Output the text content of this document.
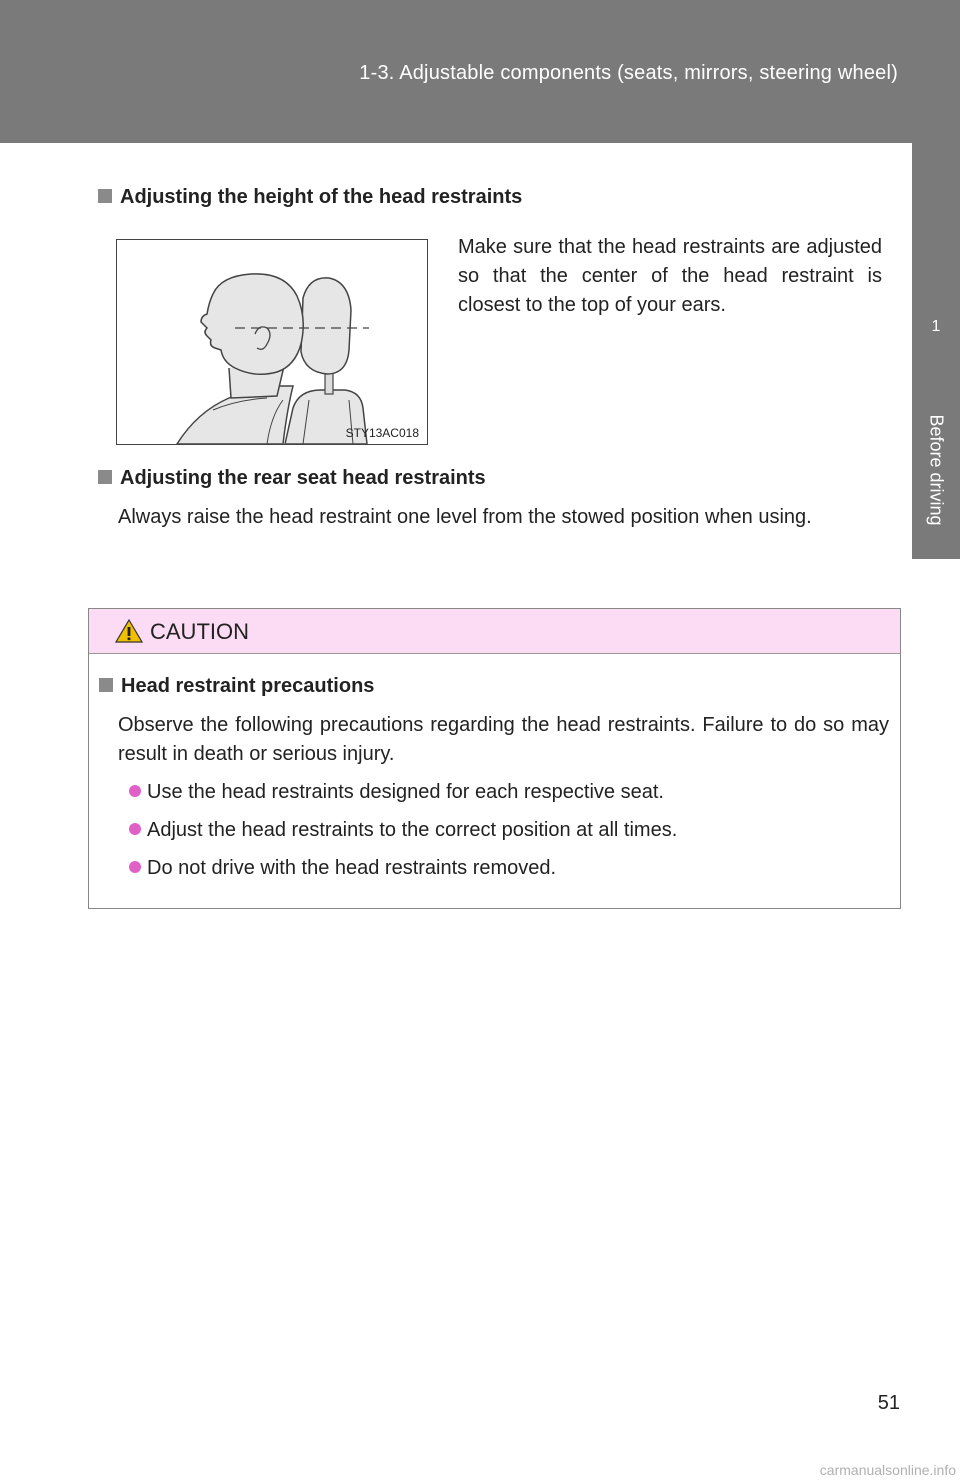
1-3. Adjustable components (seats, mirrors, steering wheel)
1
Before driving
Adjusting the height of the head restraints
STY13AC018
Make sure that the head restraints are adjusted so that the center of the head restraint is closest to the top of your ears.
Adjusting the rear seat head restraints
Always raise the head restraint one level from the stowed position when using.
CAUTION
Head restraint precautions
Observe the following precautions regarding the head restraints. Failure to do so may result in death or serious injury.
Use the head restraints designed for each respective seat.
Adjust the head restraints to the correct position at all times.
Do not drive with the head restraints removed.
51
carmanualsonline.info
